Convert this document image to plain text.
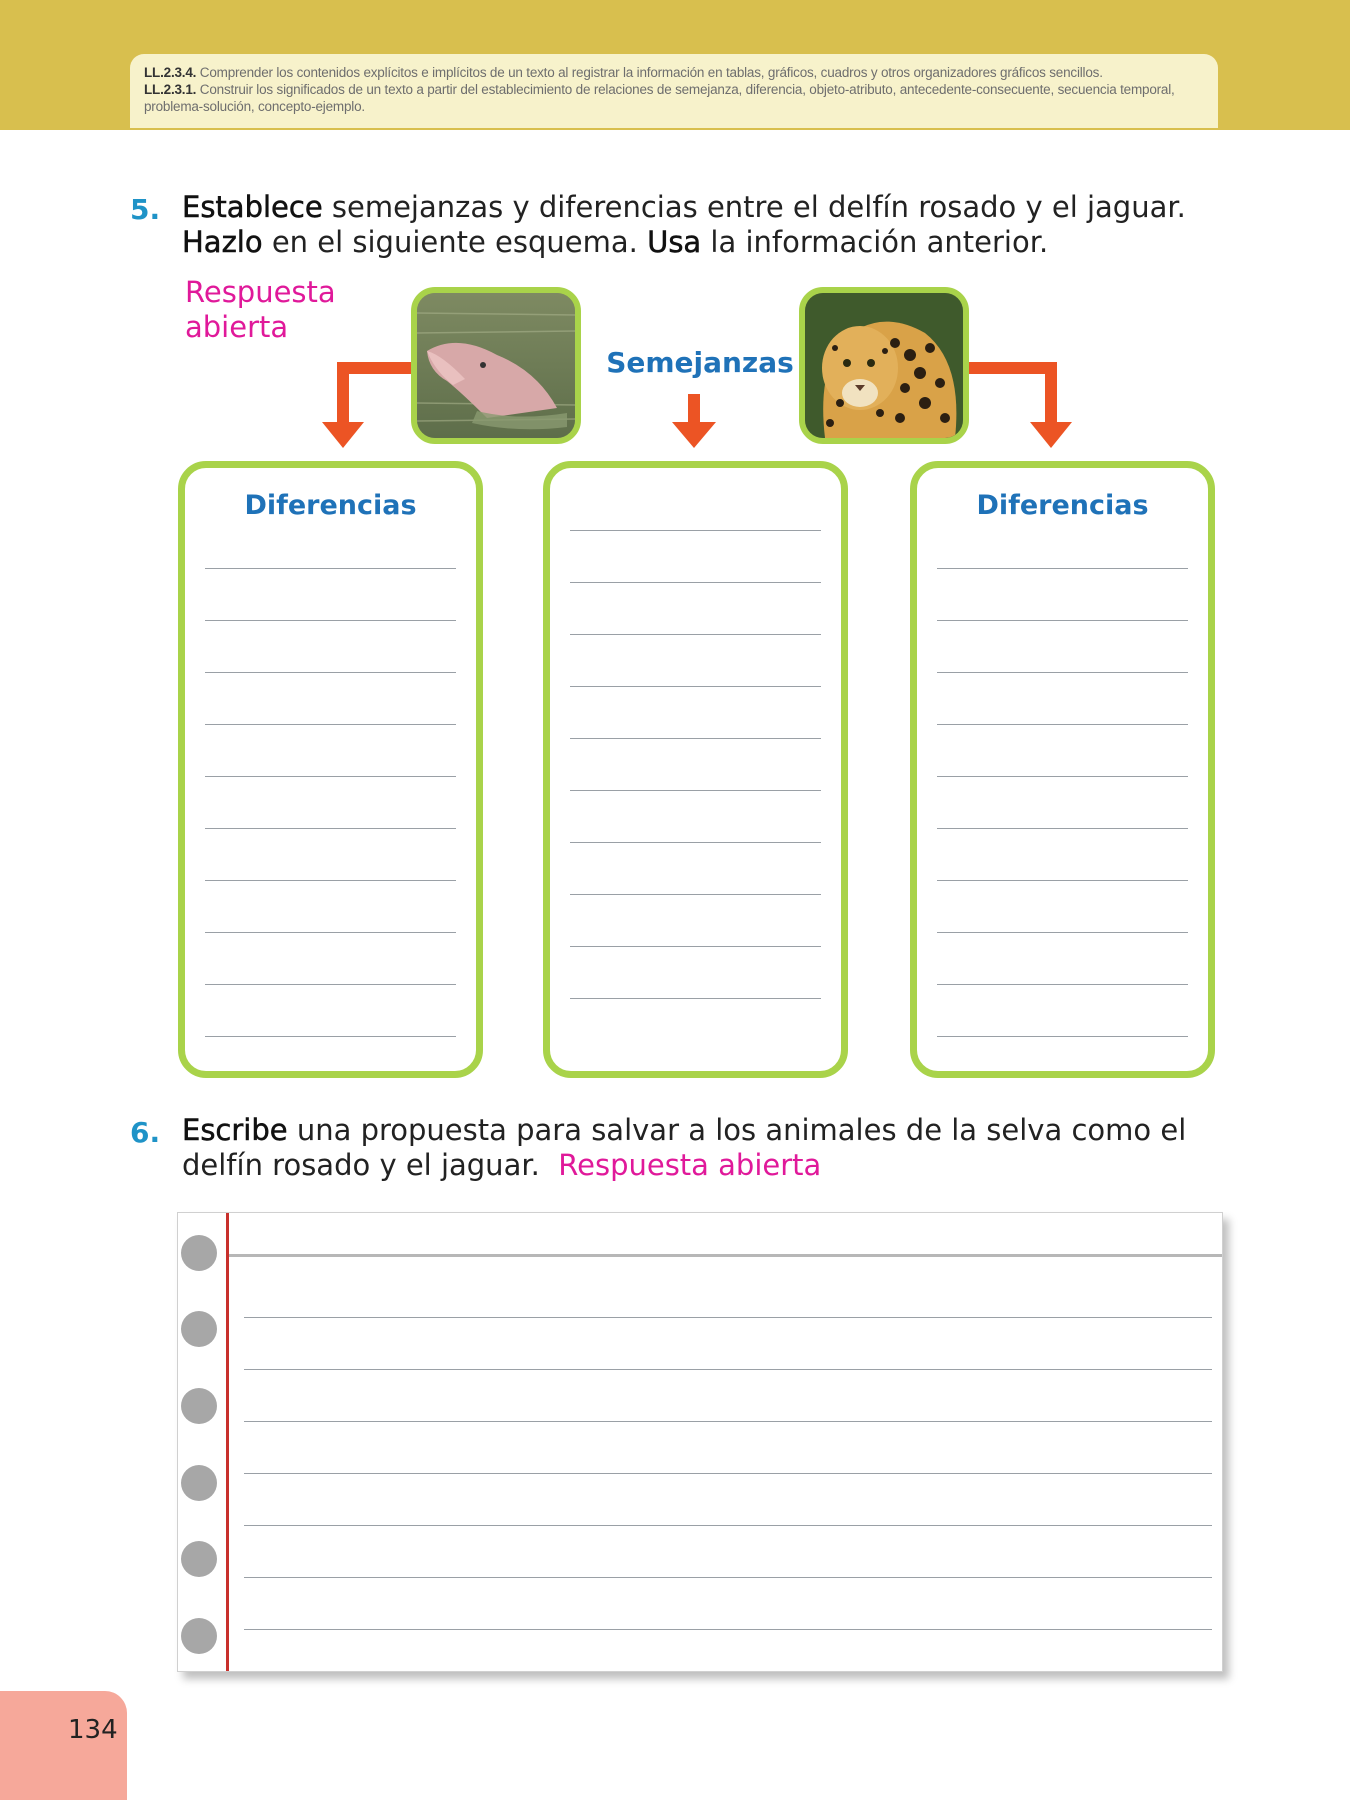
LL.2.3.4. Comprender los contenidos explícitos e implícitos de un texto al registrar la información en tablas, gráficos, cuadros y otros organizadores gráficos sencillos.
LL.2.3.1. Construir los significados de un texto a partir del establecimiento de relaciones de semejanza, diferencia, objeto-atributo, antecedente-consecuente, secuencia temporal, problema-solución, concepto-ejemplo.
5. Establece semejanzas y diferencias entre el delfín rosado y el jaguar.
Hazlo en el siguiente esquema. Usa la información anterior.
Respuesta
abierta
Semejanzas
Diferencias	Diferencias
6. Escribe una propuesta para salvar a los animales de la selva como el delfín rosado y el jaguar. Respuesta abierta
134
